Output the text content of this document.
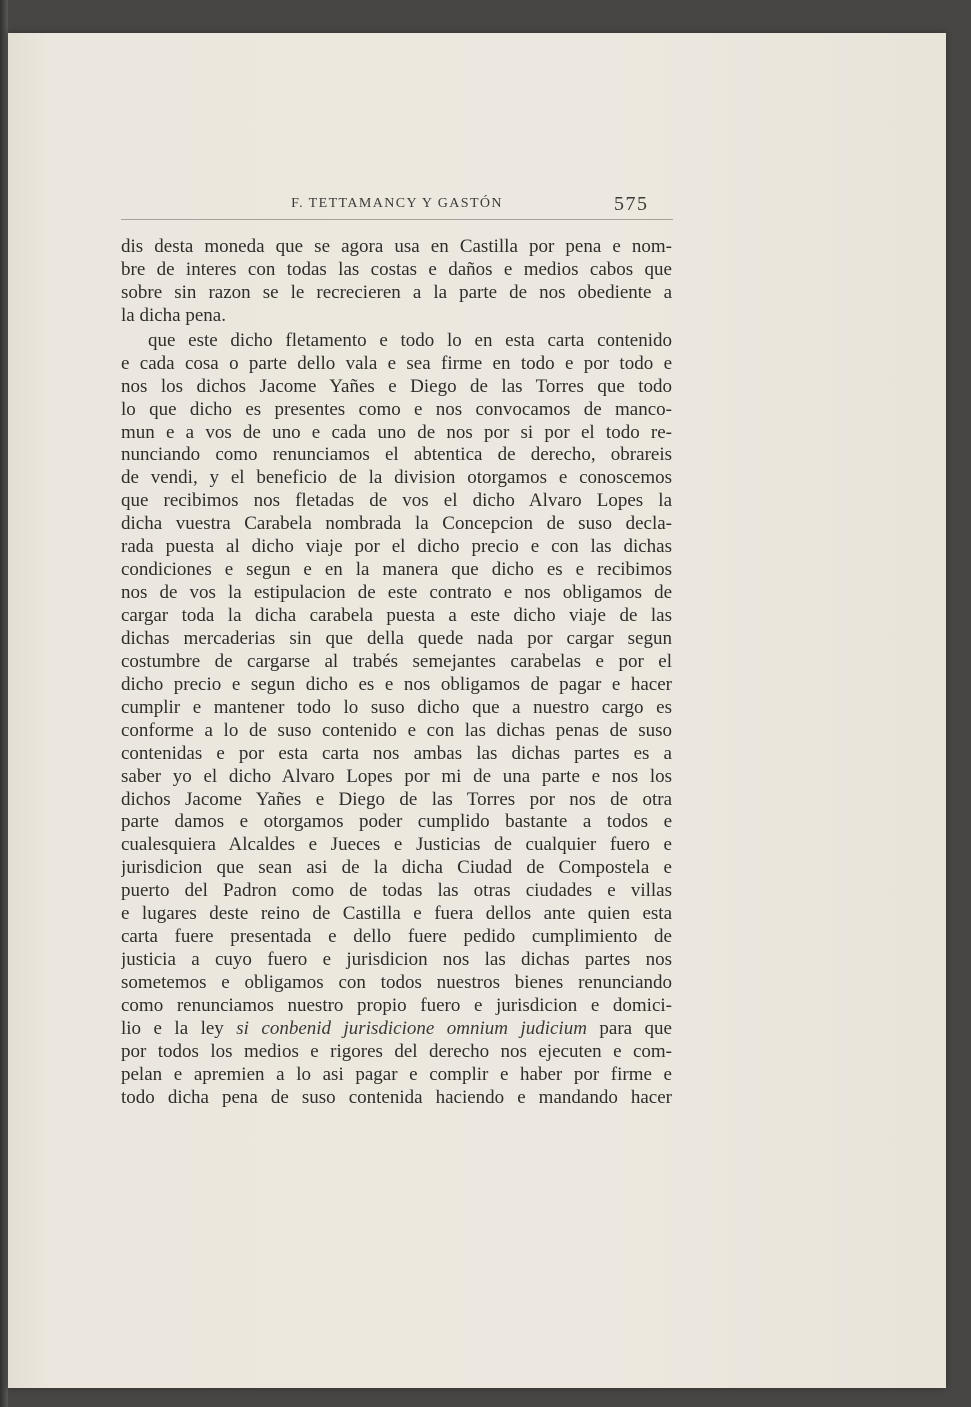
F. TETTAMANCY Y GASTÓN	575
dis desta moneda que se agora usa en Castilla por pena e nom-
bre de interes con todas las costas e daños e medios cabos que
sobre sin razon se le recrecieren a la parte de nos obediente a
la dicha pena.
que este dicho fletamento e todo lo en esta carta contenido
e cada cosa o parte dello vala e sea firme en todo e por todo e
nos los dichos Jacome Yañes e Diego de las Torres que todo
lo que dicho es presentes como e nos convocamos de manco-
mun e a vos de uno e cada uno de nos por si por el todo re-
nunciando como renunciamos el abtentica de derecho, obrareis
de vendi, y el beneficio de la division otorgamos e conoscemos
que recibimos nos fletadas de vos el dicho Alvaro Lopes la
dicha vuestra Carabela nombrada la Concepcion de suso decla-
rada puesta al dicho viaje por el dicho precio e con las dichas
condiciones e segun e en la manera que dicho es e recibimos
nos de vos la estipulacion de este contrato e nos obligamos de
cargar toda la dicha carabela puesta a este dicho viaje de las
dichas mercaderias sin que della quede nada por cargar segun
costumbre de cargarse al trabés semejantes carabelas e por el
dicho precio e segun dicho es e nos obligamos de pagar e hacer
cumplir e mantener todo lo suso dicho que a nuestro cargo es
conforme a lo de suso contenido e con las dichas penas de suso
contenidas e por esta carta nos ambas las dichas partes es a
saber yo el dicho Alvaro Lopes por mi de una parte e nos los
dichos Jacome Yañes e Diego de las Torres por nos de otra
parte damos e otorgamos poder cumplido bastante a todos e
cualesquiera Alcaldes e Jueces e Justicias de cualquier fuero e
jurisdicion que sean asi de la dicha Ciudad de Compostela e
puerto del Padron como de todas las otras ciudades e villas
e lugares deste reino de Castilla e fuera dellos ante quien esta
carta fuere presentada e dello fuere pedido cumplimiento de
justicia a cuyo fuero e jurisdicion nos las dichas partes nos
sometemos e obligamos con todos nuestros bienes renunciando
como renunciamos nuestro propio fuero e jurisdicion e domici-
lio e la ley si conbenid jurisdicione omnium judicium para que
por todos los medios e rigores del derecho nos ejecuten e com-
pelan e apremien a lo asi pagar e complir e haber por firme e
todo dicha pena de suso contenida haciendo e mandando hacer
